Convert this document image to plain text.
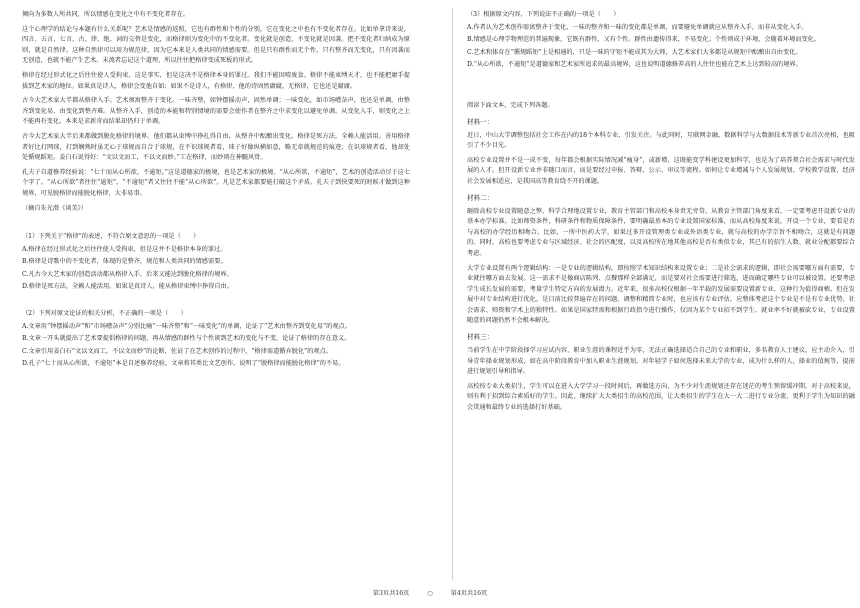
倾向为多数人所共同，所以情感在变化之中有不变化者存在。

这个心理学的结论与本题有什么关系呢？艺术是情感的返照，它也有群性和个性的分别，它在变化之中也有不变化者存在。比如单拿诗来说，四言、五言、七言、古、律、绝、词的交替是变化，而格律则为变化中的不变化者。变化就是创造，不变化就是因袭。把不变化者归纳成为原则，就是自然律。这种自然律可以用为规范律，因为它本来是人类共同的情感需要。但是只有群性而无个性，只有整齐而无变化，只有因袭而无创造，也就不能产生艺术。末流者忘记这个道理，所以往往把格律变成死板的形式。

格律在经过形式化之后往往使人受拘束，这是事实，但是这决不是格律本身的罪过。我们不能因噎废食。格律不能束缚天才，也不能把庸手提拔到艺术家的地位。如果真是诗人，格律会变他自如；如果不是诗人，有格律，他的诗固然庸腐，无格律，它也还是腐庸。

古今大艺术家大半都从格律入手。艺术须寓整齐于变化。一味齐整，如钟摆摇动声，固然单调；一味变化，如市场嘈杂声，也还是单调。由整齐到变化易，由变化到整齐难。从整齐入手，创造的本能和特别情境的需要会使作者在整齐之中求变化以避免单调。从变化入手，则变化之上不能再有变化。本来是求新奇而结果却仍归于单调。

古今大艺术家大半后来都做到脱化格律的境界。他们都从束缚中挣扎得自由，从整齐中酝酿出变化。格律是死方法，全赖人能活用。善用格律者好比打网球，打到娴熟时虽无心于球规而自合于球规，在不识球规者看，球子好像纵横如意，略无牵就规范的痕迹；在识球规者看，他却处处循规蹈矩。姜白石说得好：“文以文而工，不以文而妙。”工在格律，而妙则在神髓风骨。

孔夫子自道修养经验说：“七十而从心所欲，不逾矩。”这是道德家的极境，也是艺术家的极境。“从心所欲，不逾矩”，艺术的创造活动尽于这七个字了。“从心所欲”者往往“逾矩”，“不逾矩”者又往往不能“从心所欲”。凡是艺术家都要能打破这个矛盾。孔夫子到快要死的时候才做到这种境界，可见脱格律而能脱化格律，大非易事。

（摘自朱光潜《谈美》）

（1）下列关于“格律”的表述，不符合原文意思的一项是（　　）
A.格律在经过形式化之后往往使人受拘束，但是这并不是格律本身的罪过。
B.格律是诗歌中的不变化者，体现的是整齐，规范和人类共同的情感需要。
C.凡古今大艺术家的创造活动都从格律入手，后来又能达到脱化格律的境界。
D.格律是死方法，全赖人能活用。如果是真诗人，能从格律束缚中挣得自由。
（2）下列对原文论证的相关分析，不正确的一项是（　　）
A.文章用“钟摆摇动声”和“市场嘈杂声”分别比喻“一味齐整”和“一味变化”的单调，论证了“艺术由整齐到变化易”的观点。
B.文章一开头就提出了艺术要提倡格律的问题，再从情感的群性与个性谈到艺术的变化与不变，论证了格律的存在意义。
C.文章引用姜白石“文以文而工，不以文而妙”的论断，佐证了在艺术创作的过程中，“格律需道循弃脱化”的观点。
D.孔子“七十而从心所欲，不逾矩”本是自述修养经验，文章将其类比文艺创作，说明了“脱格律而能脱化格律”的不易。
（3）根据原文内容，下列说法不正确的一项是（　　）
A.作者认为艺术创作需寓整齐于变化，一味的整齐和一味的变化都是单调，而要避免单调就应从整齐入手，而非从变化入手。
B.情感是心理学物理范的普遍现象，它既有群性，又有个性。群性由遗传得来，不易变化；个性则成于环境，会随着环境而变化。
C.艺术和体育在“循规蹈矩”上是相通的，只是一味的守矩不能成其为大师，大艺术家们大多都是从规矩中酝酿出自由变化。
D.“从心所欲，不逾矩”是道德家和艺术家所追求的最高境界，这也说明道德修养高的人往往也能在艺术上达到较高的境界。

阅读下面文本，完成下列各题。

材料一：

近日，中山大学调整包括社会工作在内的18个本科专业，引发关注。与此同时，互联网金融、数据科学与大数据技术等新专业首次亮相，也吸引了不少目光。

高校专业设置并不是一成不变，每年都会根据实际情况减“瘦身”，或新增，这既能变学科建设更加科学，也是为了培养契合社会需求与时代发展的人才。但开设新专业并非随口而言，而是要经过申报、答辩、公示、审议等流程。如何让专业增减与个人发展规划、学校教学设置、经济社会发展相适应，是我国高等教育绕不开的课题。

材料二：

砸除高校专业设置随意之弊，科学合理地设置专业，教育主管部门和高校本身责无旁贷。从教育主管部门角度来看，一定要考虑开设新专业的基本办学标准。比如师资条件，科研条件和物质保障条件，要明确最基本的专业设置国家标准，而从高校角度来说，开设一个专业，要看是否与高校的办学经历相吻合。比如，一所中医药大学，如果过多开设管理类专业或外语类专业，就与高校的办学宗旨不相吻合，这就是有问题的。同时，高校也要考虑专业与区域经济、社会的匹配度，以及高校所在地其他高校是否有类似专业，其已有的招生人数、就业分配都要综合考虑。

大学专业设置有两个逻辑结构：一是专业的逻辑结构，即按照学术知识结构来设置专业；二是社会需求的逻辑，即社会需要哪方面有需要，专业就往哪方面去发展。这一需求不是像商店陈列、点餐那样全部满足，而是要对社会需要进行筛选，进而确定哪些专业可以被设置。还要考虑学生成长发展的需要，考量学生特定方向的发展潜力。近年来，很多高校仅根据一年半载的发展需要设置新专业，这种行为值得商榷。但在发展中对专业结构进行优化，是目前比较普遍存在的问题。调整和精简专业时，也应该有专业评估，应整体考虑这个专业是不是有专业优势、社会需求、师资和学术上的独特性。如果是国家特需和根据行政指令进行操作，仅因为某个专业招不到学生、就业率不好就被砍专业，专业设置随意的问题仍然不会根本解决。

材料三：

当前学生在中学阶段择学习应试内容，职业生涯的课程近乎为零，无法正确选择适合自己的专业和职业，多名教育人士建议，应主动介入，引导青年择业规划形成，如在高中阶段教育中加入职业生涯规划，对年轻学子如何选择未来大学的专业，成为什么样的人，择业的值规等，提前进行规划引导和指导。

高校按专业大类招生，学生可以在进入大学学习一段时间后，再做选方向，为不少对生涯规划还存在迷茫的考生预留缓冲期，对于高校来说，则有利于招到综合素质好的学生。因此，继续扩大大类招生的高校范围，让大类招生的学生在大一大二进行专业分流，更利于学生为知识的融会贯通和最终专业的选择打好基础。

第3页共16页	○	第4页共16页
